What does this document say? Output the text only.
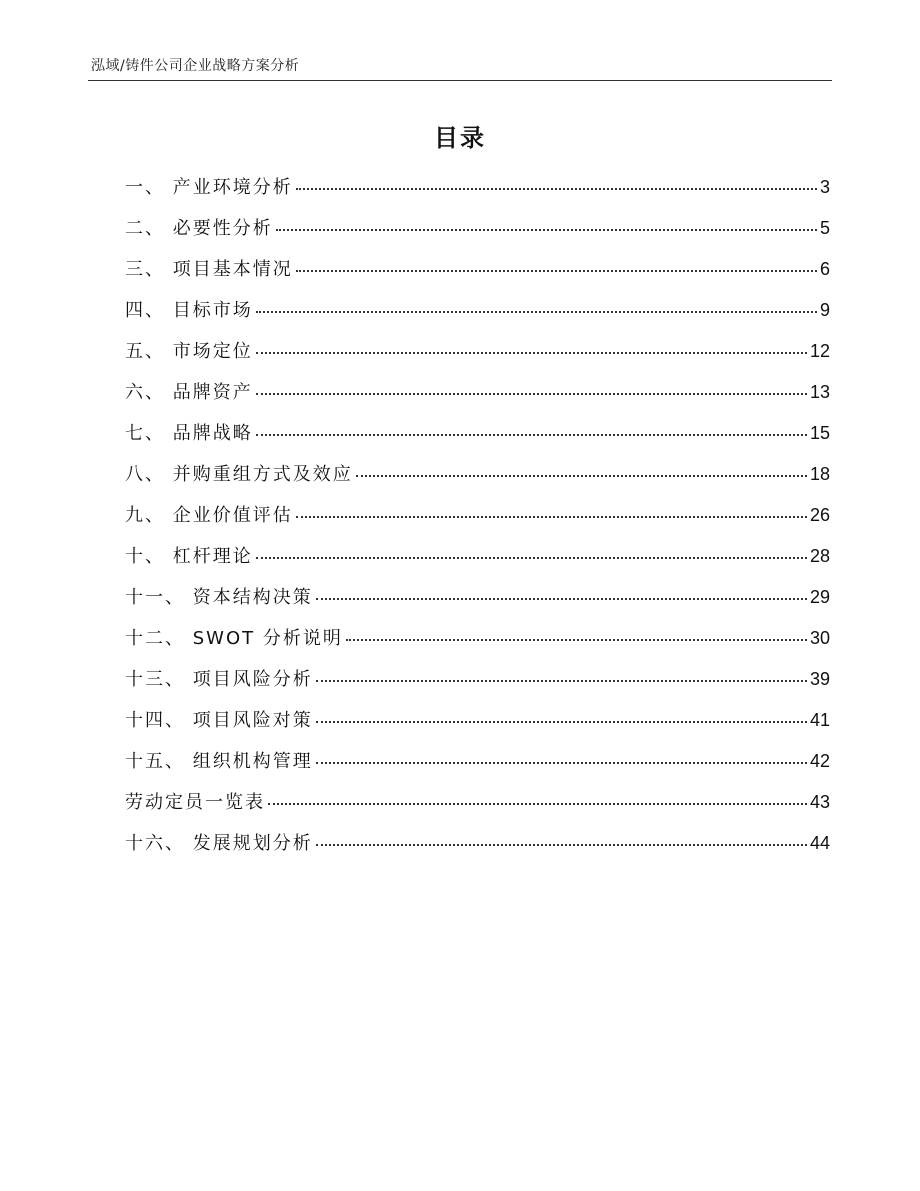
泓域/铸件公司企业战略方案分析
目录
一、 产业环境分析	3
二、 必要性分析	5
三、 项目基本情况	6
四、 目标市场	9
五、 市场定位	12
六、 品牌资产	13
七、 品牌战略	15
八、 并购重组方式及效应	18
九、 企业价值评估	26
十、 杠杆理论	28
十一、 资本结构决策	29
十二、 SWOT 分析说明	30
十三、 项目风险分析	39
十四、 项目风险对策	41
十五、 组织机构管理	42
劳动定员一览表	43
十六、 发展规划分析	44
